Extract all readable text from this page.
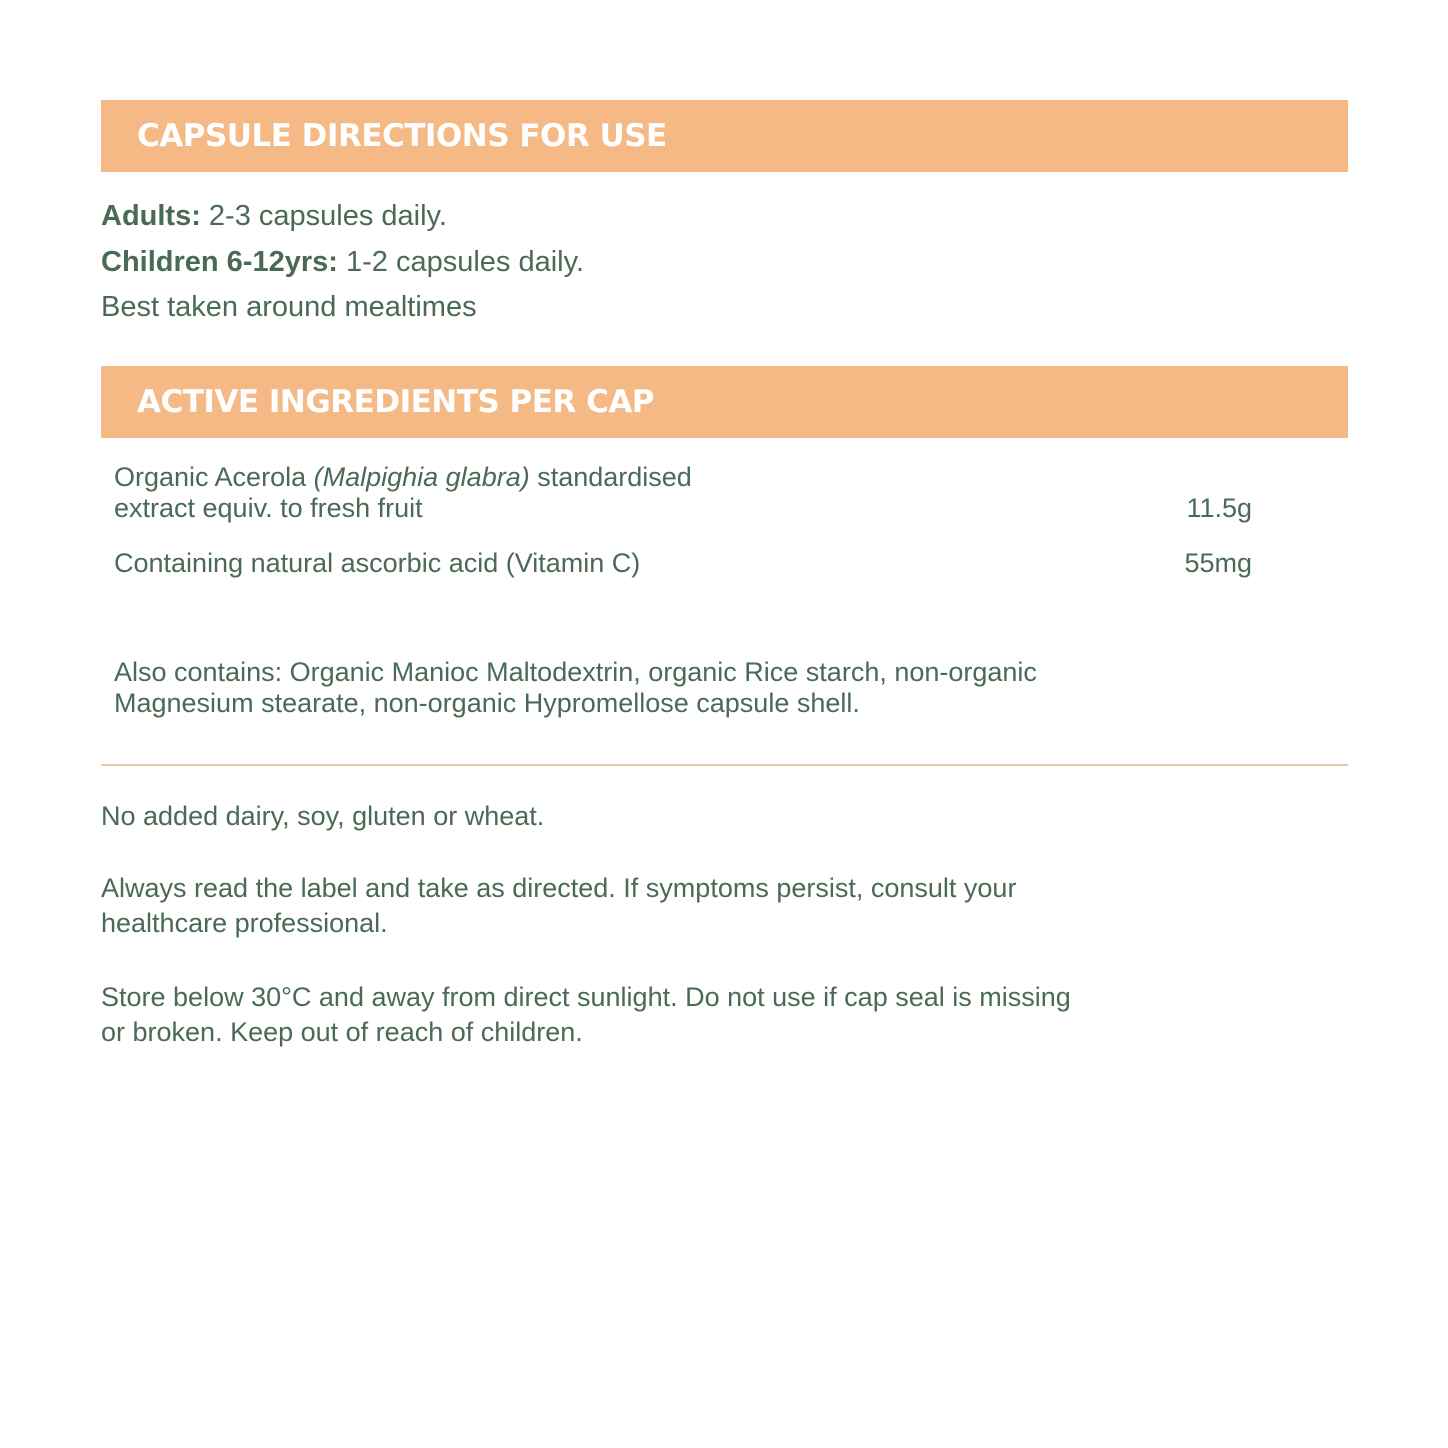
CAPSULE DIRECTIONS FOR USE
Adults: 2-3 capsules daily.
Children 6-12yrs: 1-2 capsules daily.
Best taken around mealtimes
ACTIVE INGREDIENTS PER CAP
Organic Acerola (Malpighia glabra) standardised
extract equiv. to fresh fruit	11.5g
Containing natural ascorbic acid (Vitamin C)	55mg
Also contains: Organic Manioc Maltodextrin, organic Rice starch, non-organic
Magnesium stearate, non-organic Hypromellose capsule shell.
No added dairy, soy, gluten or wheat.
Always read the label and take as directed. If symptoms persist, consult your
healthcare professional.
Store below 30°C and away from direct sunlight. Do not use if cap seal is missing
or broken. Keep out of reach of children.
